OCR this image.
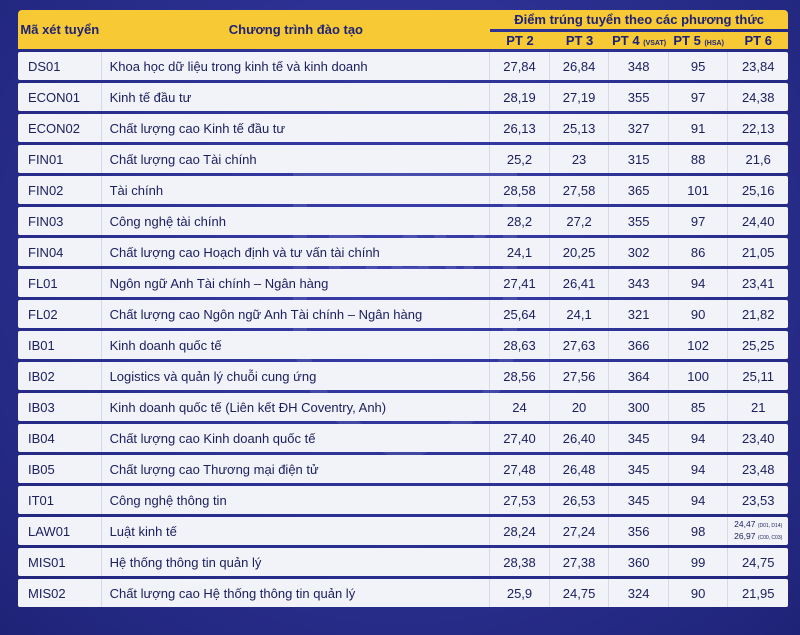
Mã xét tuyển	Chương trình đào tạo	Điểm trúng tuyển theo các phương thức				
		PT 2	PT 3	PT 4 (VSAT)	PT 5 (HSA)	PT 6
DS01	Khoa học dữ liệu trong kinh tế và kinh doanh	27,84	26,84	348	95	23,84
ECON01	Kinh tế đầu tư	28,19	27,19	355	97	24,38
ECON02	Chất lượng cao Kinh tế đầu tư	26,13	25,13	327	91	22,13
FIN01	Chất lượng cao Tài chính	25,2	23	315	88	21,6
FIN02	Tài chính	28,58	27,58	365	101	25,16
FIN03	Công nghệ tài chính	28,2	27,2	355	97	24,40
FIN04	Chất lượng cao Hoạch định và tư vấn tài chính	24,1	20,25	302	86	21,05
FL01	Ngôn ngữ Anh Tài chính – Ngân hàng	27,41	26,41	343	94	23,41
FL02	Chất lượng cao Ngôn ngữ Anh Tài chính – Ngân hàng	25,64	24,1	321	90	21,82
IB01	Kinh doanh quốc tế	28,63	27,63	366	102	25,25
IB02	Logistics và quản lý chuỗi cung ứng	28,56	27,56	364	100	25,11
IB03	Kinh doanh quốc tế (Liên kết ĐH Coventry, Anh)	24	20	300	85	21
IB04	Chất lượng cao Kinh doanh quốc tế	27,40	26,40	345	94	23,40
IB05	Chất lượng cao Thương mại điện tử	27,48	26,48	345	94	23,48
IT01	Công nghệ thông tin	27,53	26,53	345	94	23,53
LAW01	Luật kinh tế	28,24	27,24	356	98	24,47 (D01, D14)
26,97 (C00, C03)

MIS01	Hệ thống thông tin quản lý	28,38	27,38	360	99	24,75
MIS02	Chất lượng cao Hệ thống thông tin quản lý	25,9	24,75	324	90	21,95
